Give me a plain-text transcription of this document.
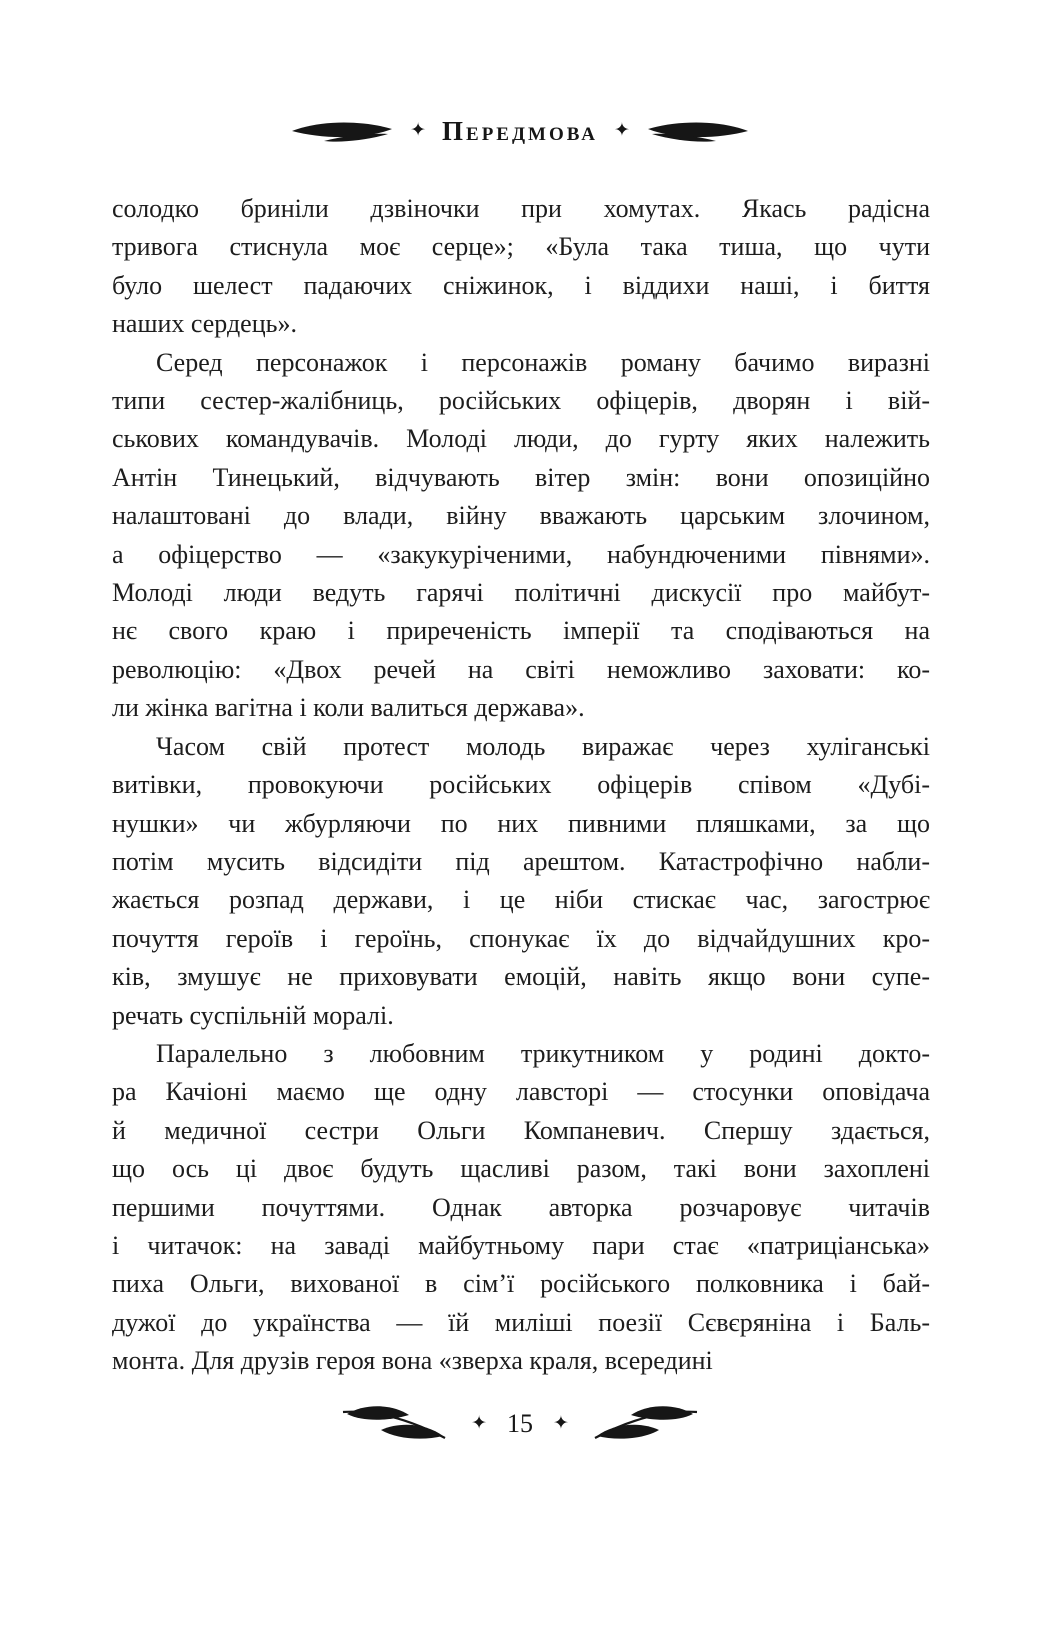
✦ Передмова ✦
солодко бриніли дзвіночки при хомутах. Якась радісна
тривога стиснула моє серце»; «Була така тиша, що чути
було шелест падаючих сніжинок, і віддихи наші, і биття
наших сердець».
Серед персонажок і персонажів роману бачимо виразні
типи сестер-жалібниць, російських офіцерів, дворян і вій-
ськових командувачів. Молоді люди, до гурту яких належить
Антін Тинецький, відчувають вітер змін: вони опозиційно
налаштовані до влади, війну вважають царським злочином,
а офіцерство — «закукуріченими, набундюченими півнями».
Молоді люди ведуть гарячі політичні дискусії про майбут-
нє свого краю і приреченість імперії та сподіваються на
революцію: «Двох речей на світі неможливо заховати: ко-
ли жінка вагітна і коли валиться держава».
Часом свій протест молодь виражає через хуліганські
витівки, провокуючи російських офіцерів співом «Дубі-
нушки» чи жбурляючи по них пивними пляшками, за що
потім мусить відсидіти під арештом. Катастрофічно набли-
жається розпад держави, і це ніби стискає час, загострює
почуття героїв і героїнь, спонукає їх до відчайдушних кро-
ків, змушує не приховувати емоцій, навіть якщо вони супе-
речать суспільній моралі.
Паралельно з любовним трикутником у родині докто-
ра Качіоні маємо ще одну лавсторі — стосунки оповідача
й медичної сестри Ольги Компаневич. Спершу здається,
що ось ці двоє будуть щасливі разом, такі вони захоплені
першими почуттями. Однак авторка розчаровує читачів
і читачок: на заваді майбутньому пари стає «патриціанська»
пиха Ольги, вихованої в сім’ї російського полковника і бай-
дужої до українства — їй миліші поезії Сєвєряніна і Баль-
монта. Для друзів героя вона «зверха краля, всередині
✦ 15 ✦
